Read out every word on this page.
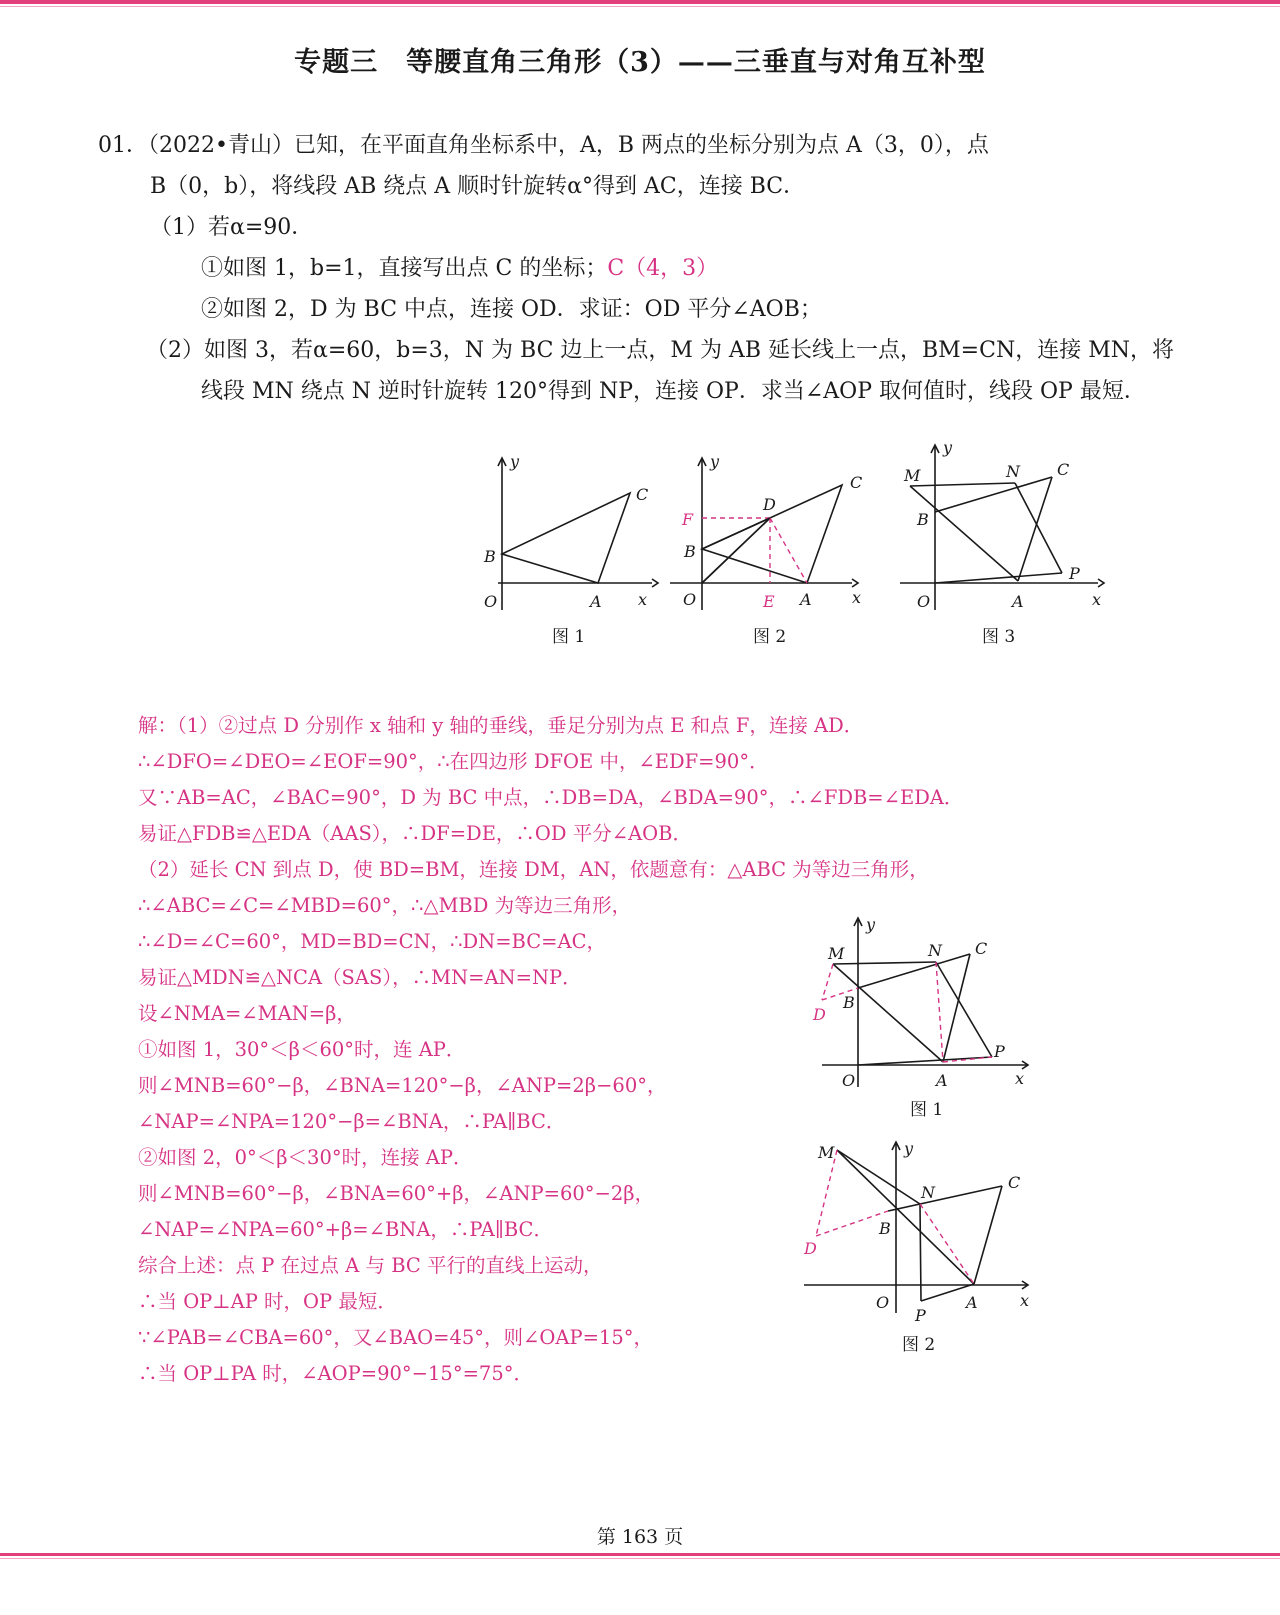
专题三　等腰直角三角形（3）——三垂直与对角互补型

01．（2022•青山）已知，在平面直角坐标系中，A，B 两点的坐标分别为点 A（3，0），点

B（0，b），将线段 AB 绕点 A 顺时针旋转α°得到 AC，连接 BC．

（1）若α=90．

①如图 1，b=1，直接写出点 C 的坐标；C（4，3）

②如图 2，D 为 BC 中点，连接 OD．求证：OD 平分∠AOB；

（2）如图 3，若α=60，b=3，N 为 BC 边上一点，M 为 AB 延长线上一点，BM=CN，连接 MN，将线段 MN 绕点 N 逆时针旋转 120°得到 NP，连接 OP．求当∠AOP 取何值时，线段 OP 最短．

y
x
O
B
A
C
y
x
O
B
A
C
D
E
F
y
x
O
B
A
C
M	N
P
图 1	图 2	图 3

解：（1）②过点 D 分别作 x 轴和 y 轴的垂线，垂足分别为点 E 和点 F，连接 AD．

∴∠DFO=∠DEO=∠EOF=90°，∴在四边形 DFOE 中，∠EDF=90°．

又∵AB=AC，∠BAC=90°，D 为 BC 中点，∴DB=DA，∠BDA=90°，∴∠FDB=∠EDA．

易证△FDB≌△EDA（AAS），∴DF=DE，∴OD 平分∠AOB．

（2）延长 CN 到点 D，使 BD=BM，连接 DM，AN，依题意有：△ABC 为等边三角形，

∴∠ABC=∠C=∠MBD=60°，∴△MBD 为等边三角形，

∴∠D=∠C=60°，MD=BD=CN，∴DN=BC=AC，

易证△MDN≌△NCA（SAS），∴MN=AN=NP．

设∠NMA=∠MAN=β，

①如图 1，30°＜β＜60°时，连 AP．

则∠MNB=60°−β，∠BNA=120°−β，∠ANP=2β−60°，

∠NAP=∠NPA=120°−β=∠BNA，∴PA∥BC．

②如图 2，0°＜β＜30°时，连接 AP．

则∠MNB=60°−β，∠BNA=60°+β，∠ANP=60°−2β，

∠NAP=∠NPA=60°+β=∠BNA，∴PA∥BC．

综合上述：点 P 在过点 A 与 BC 平行的直线上运动，

∴当 OP⊥AP 时，OP 最短．

∵∠PAB=∠CBA=60°，又∠BAO=45°，则∠OAP=15°，

∴当 OP⊥PA 时，∠AOP=90°−15°=75°．

y
x
O
B
A
C
M	N
P
D
图 1
y
x
O
B
A
C
M
N
P
D
图 2
第 163 页
